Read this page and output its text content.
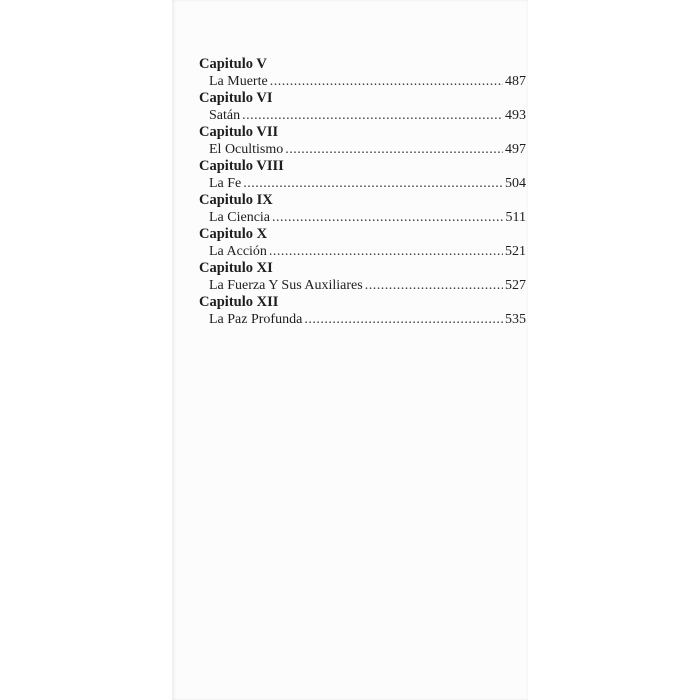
Capitulo V
La Muerte .....	487
Capitulo VI
Satán .....	493
Capitulo VII
El Ocultismo .....	497
Capitulo VIII
La Fe .....	504
Capitulo IX
La Ciencia .....	511
Capitulo X
La Acción .....	521
Capitulo XI
La Fuerza Y Sus Auxiliares .....	527
Capitulo XII
La Paz Profunda .....	535
